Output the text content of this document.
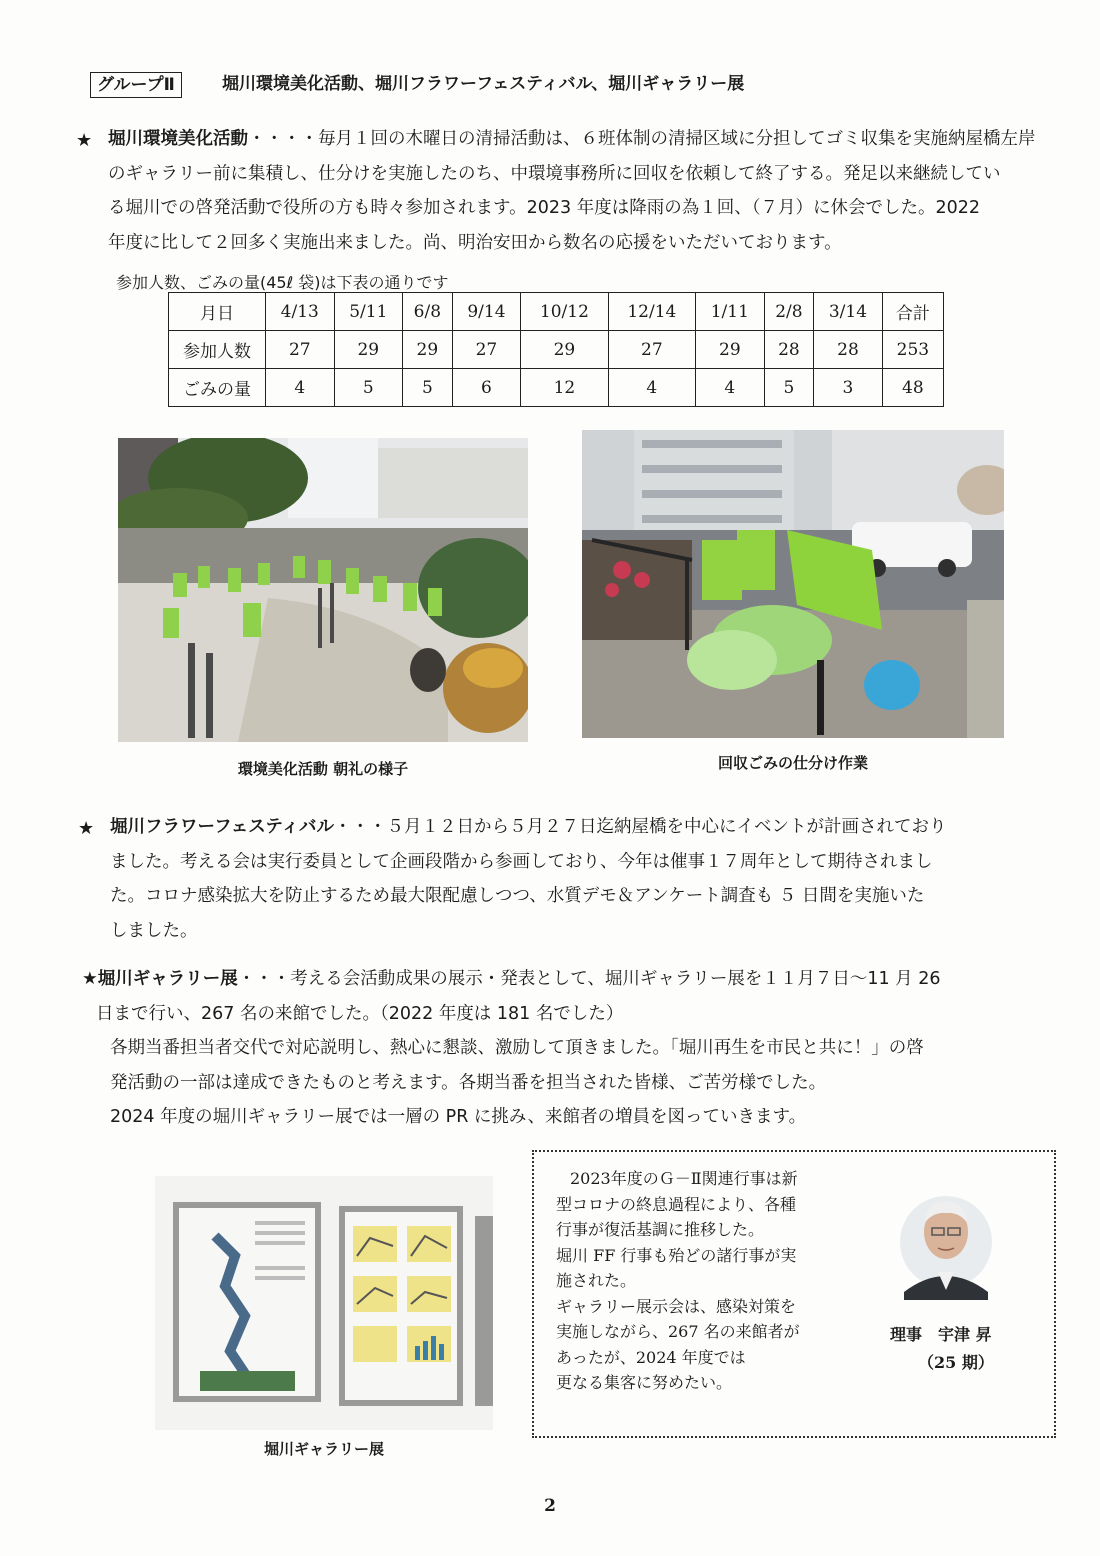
グループⅡ	堀川環境美化活動、堀川フラワーフェスティバル、堀川ギャラリー展
★ 堀川環境美化活動・・・・毎月１回の木曜日の清掃活動は、６班体制の清掃区域に分担してゴミ収集を実施納屋橋左岸
のギャラリー前に集積し、仕分けを実施したのち、中環境事務所に回収を依頼して終了する。発足以来継続してい
る堀川での啓発活動で役所の方も時々参加されます。2023 年度は降雨の為１回、（７月）に休会でした。2022
年度に比して２回多く実施出来ました。尚、明治安田から数名の応援をいただいております。
参加人数、ごみの量(45ℓ 袋)は下表の通りです
月日	4/13	5/11	6/8	9/14	10/12	12/14	1/11	2/8	3/14	合計
参加人数	27	29	29	27	29	27	29	28	28	253
ごみの量	4	5	5	6	12	4	4	5	3	48
環境美化活動 朝礼の様子	回収ごみの仕分け作業
★ 堀川フラワーフェスティバル・・・５月１２日から５月２７日迄納屋橋を中心にイベントが計画されており
ました。考える会は実行委員として企画段階から参画しており、今年は催事１７周年として期待されまし
た。コロナ感染拡大を防止するため最大限配慮しつつ、水質デモ＆アンケート調査も ５ 日間を実施いた
しました。
★堀川ギャラリー展・・・考える会活動成果の展示・発表として、堀川ギャラリー展を１１月７日～11 月 26
日まで行い、267 名の来館でした。（2022 年度は 181 名でした）
各期当番担当者交代で対応説明し、熱心に懇談、激励して頂きました。「堀川再生を市民と共に！」の啓
発活動の一部は達成できたものと考えます。各期当番を担当された皆様、ご苦労様でした。
2024 年度の堀川ギャラリー展では一層の PR に挑み、来館者の増員を図っていきます。
堀川ギャラリー展
2023年度のＧ－Ⅱ関連行事は新
型コロナの終息過程により、各種
行事が復活基調に推移した。
堀川 FF 行事も殆どの諸行事が実
施された。
ギャラリー展示会は、感染対策を
実施しながら、267 名の来館者が
あったが、2024 年度では
更なる集客に努めたい。
理事　宇津 昇
（25 期）
2
